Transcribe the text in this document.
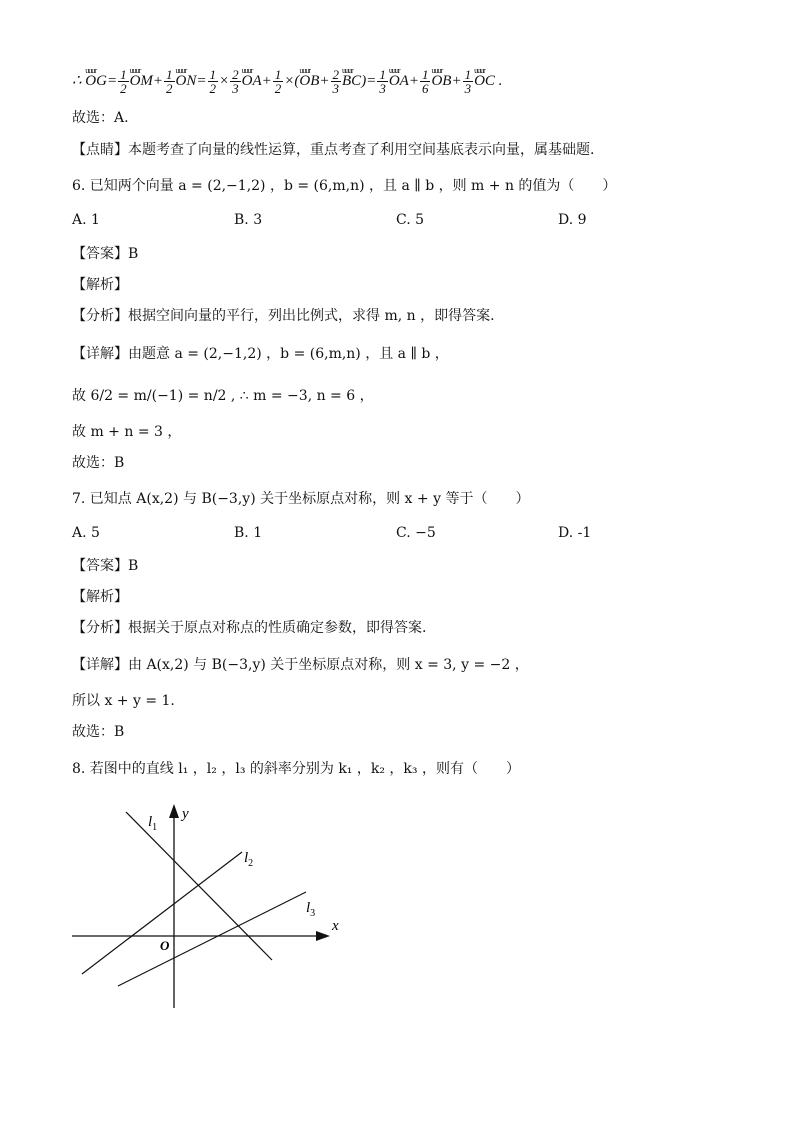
∴ uuur $OG= \frac{1}{2}$ uuur $OM+ \frac{1}{2}$ uuur $ON= \frac{1}{2} \times \frac{2}{3}$ uuur $OA+ \frac{1}{2}$ ×(uuur $OB+ \frac{2}{3}$ uuur $BC)= \frac{1}{3}$ uuur $OA+ \frac{1}{6}$ uuur $OB+ \frac{1}{3}$ uuur OC .
故选：A.
【点睛】本题考查了向量的线性运算，重点考查了利用空间基底表示向量，属基础题.
6. 已知两个向量 a = (2,−1,2) ，b = (6,m,n) ，且 a ∥ b ，则 m + n 的值为（　　）
A. 1	B. 3	C. 5	D. 9
【答案】B
【解析】
【分析】根据空间向量的平行，列出比例式，求得 m, n ，即得答案.
【详解】由题意 a = (2,−1,2) ，b = (6,m,n) ，且 a ∥ b ，
故 6/2 = m/(−1) = n/2 , ∴ m = −3, n = 6 ，
故 m + n = 3 ，
故选：B
7. 已知点 A(x,2) 与 B(−3,y) 关于坐标原点对称，则 x + y 等于（　　）
A. 5	B. 1	C. −5	D. -1
【答案】B
【解析】
【分析】根据关于原点对称点的性质确定参数，即得答案.
【详解】由 A(x,2) 与 B(−3,y) 关于坐标原点对称，则 x = 3, y = −2 ，
所以 x + y = 1.
故选：B
8. 若图中的直线 l₁ ，l₂ ，l₃ 的斜率分别为 k₁ ，k₂ ，k₃ ，则有（　　）
$l_1$
$l_2$
$l_3$
x
y
O
